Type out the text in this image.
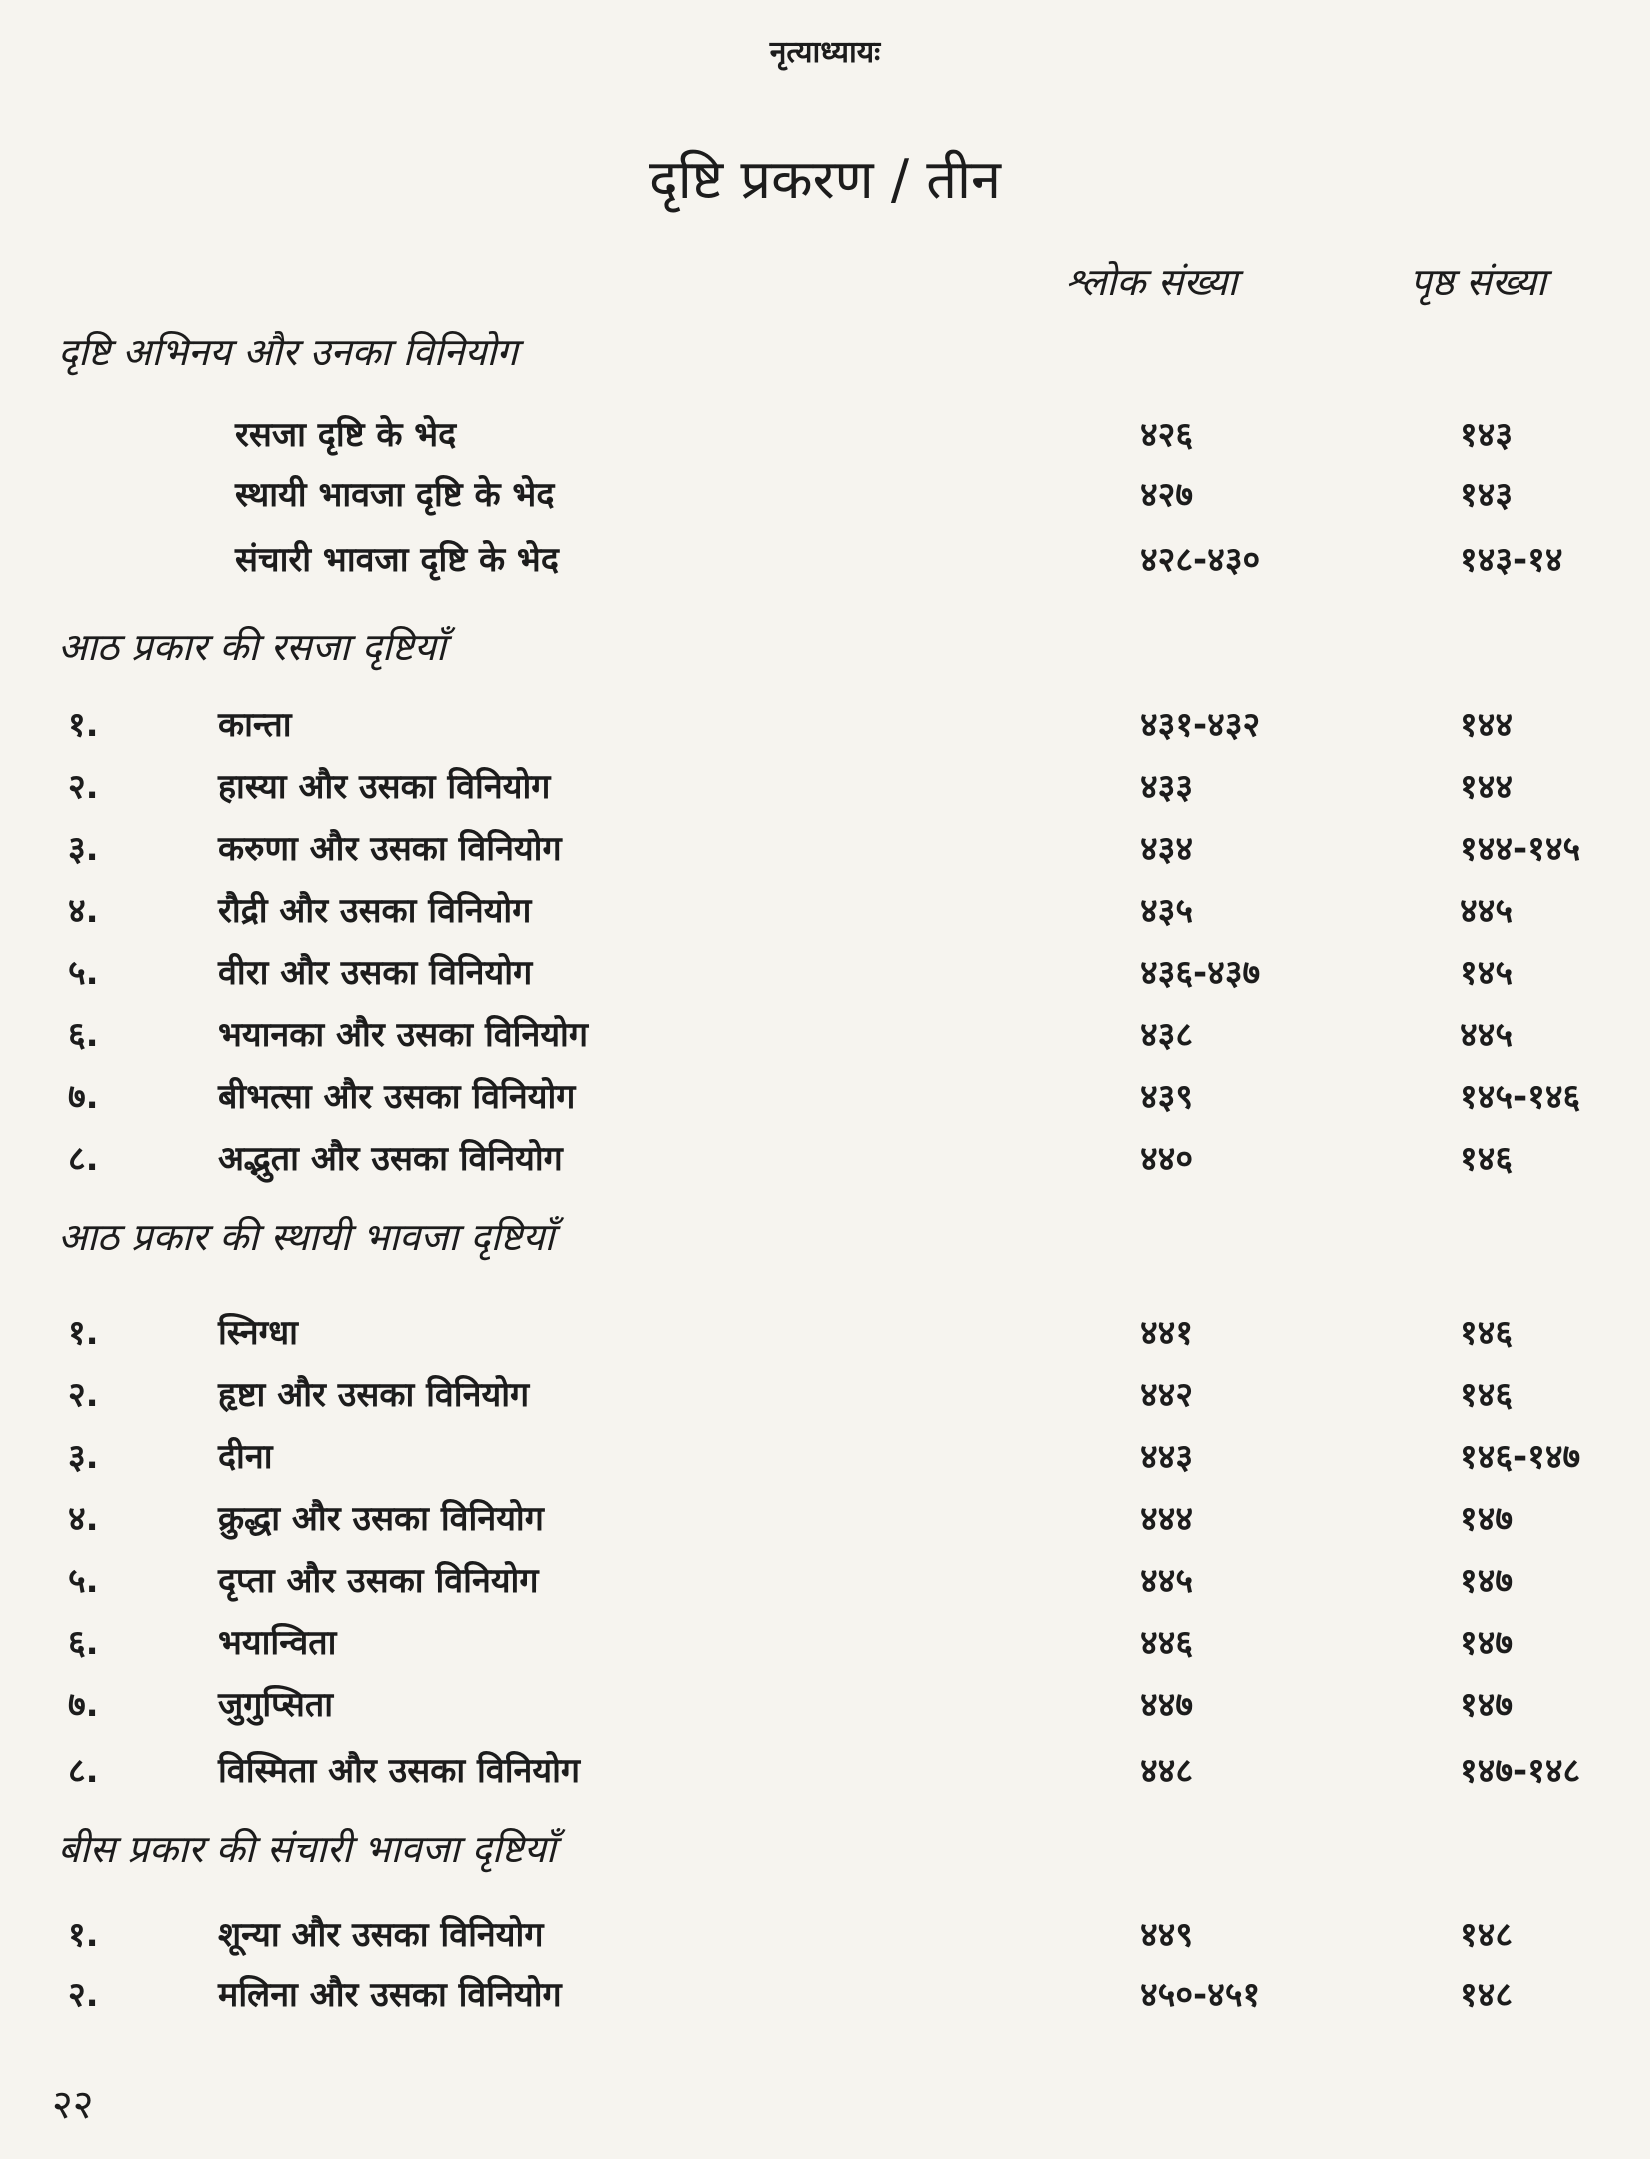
नृत्याध्यायः
दृष्टि प्रकरण / तीन
श्लोक संख्या	पृष्ठ संख्या
दृष्टि अभिनय और उनका विनियोग
रसजा दृष्टि के भेद	४२६	१४३
स्थायी भावजा दृष्टि के भेद	४२७	१४३
संचारी भावजा दृष्टि के भेद	४२८-४३०	१४३-१४
आठ प्रकार की रसजा दृष्टियाँ
१.	कान्ता	४३१-४३२	१४४
२.	हास्या और उसका विनियोग	४३३	१४४
३.	करुणा और उसका विनियोग	४३४	१४४-१४५
४.	रौद्री और उसका विनियोग	४३५	४४५
५.	वीरा और उसका विनियोग	४३६-४३७	१४५
६.	भयानका और उसका विनियोग	४३८	४४५
७.	बीभत्सा और उसका विनियोग	४३९	१४५-१४६
८.	अद्भुता और उसका विनियोग	४४०	१४६
आठ प्रकार की स्थायी भावजा दृष्टियाँ
१.	स्निग्धा	४४१	१४६
२.	हृष्टा और उसका विनियोग	४४२	१४६
३.	दीना	४४३	१४६-१४७
४.	क्रुद्धा और उसका विनियोग	४४४	१४७
५.	दृप्ता और उसका विनियोग	४४५	१४७
६.	भयान्विता	४४६	१४७
७.	जुगुप्सिता	४४७	१४७
८.	विस्मिता और उसका विनियोग	४४८	१४७-१४८
बीस प्रकार की संचारी भावजा दृष्टियाँ
१.	शून्या और उसका विनियोग	४४९	१४८
२.	मलिना और उसका विनियोग	४५०-४५१	१४८
२२
